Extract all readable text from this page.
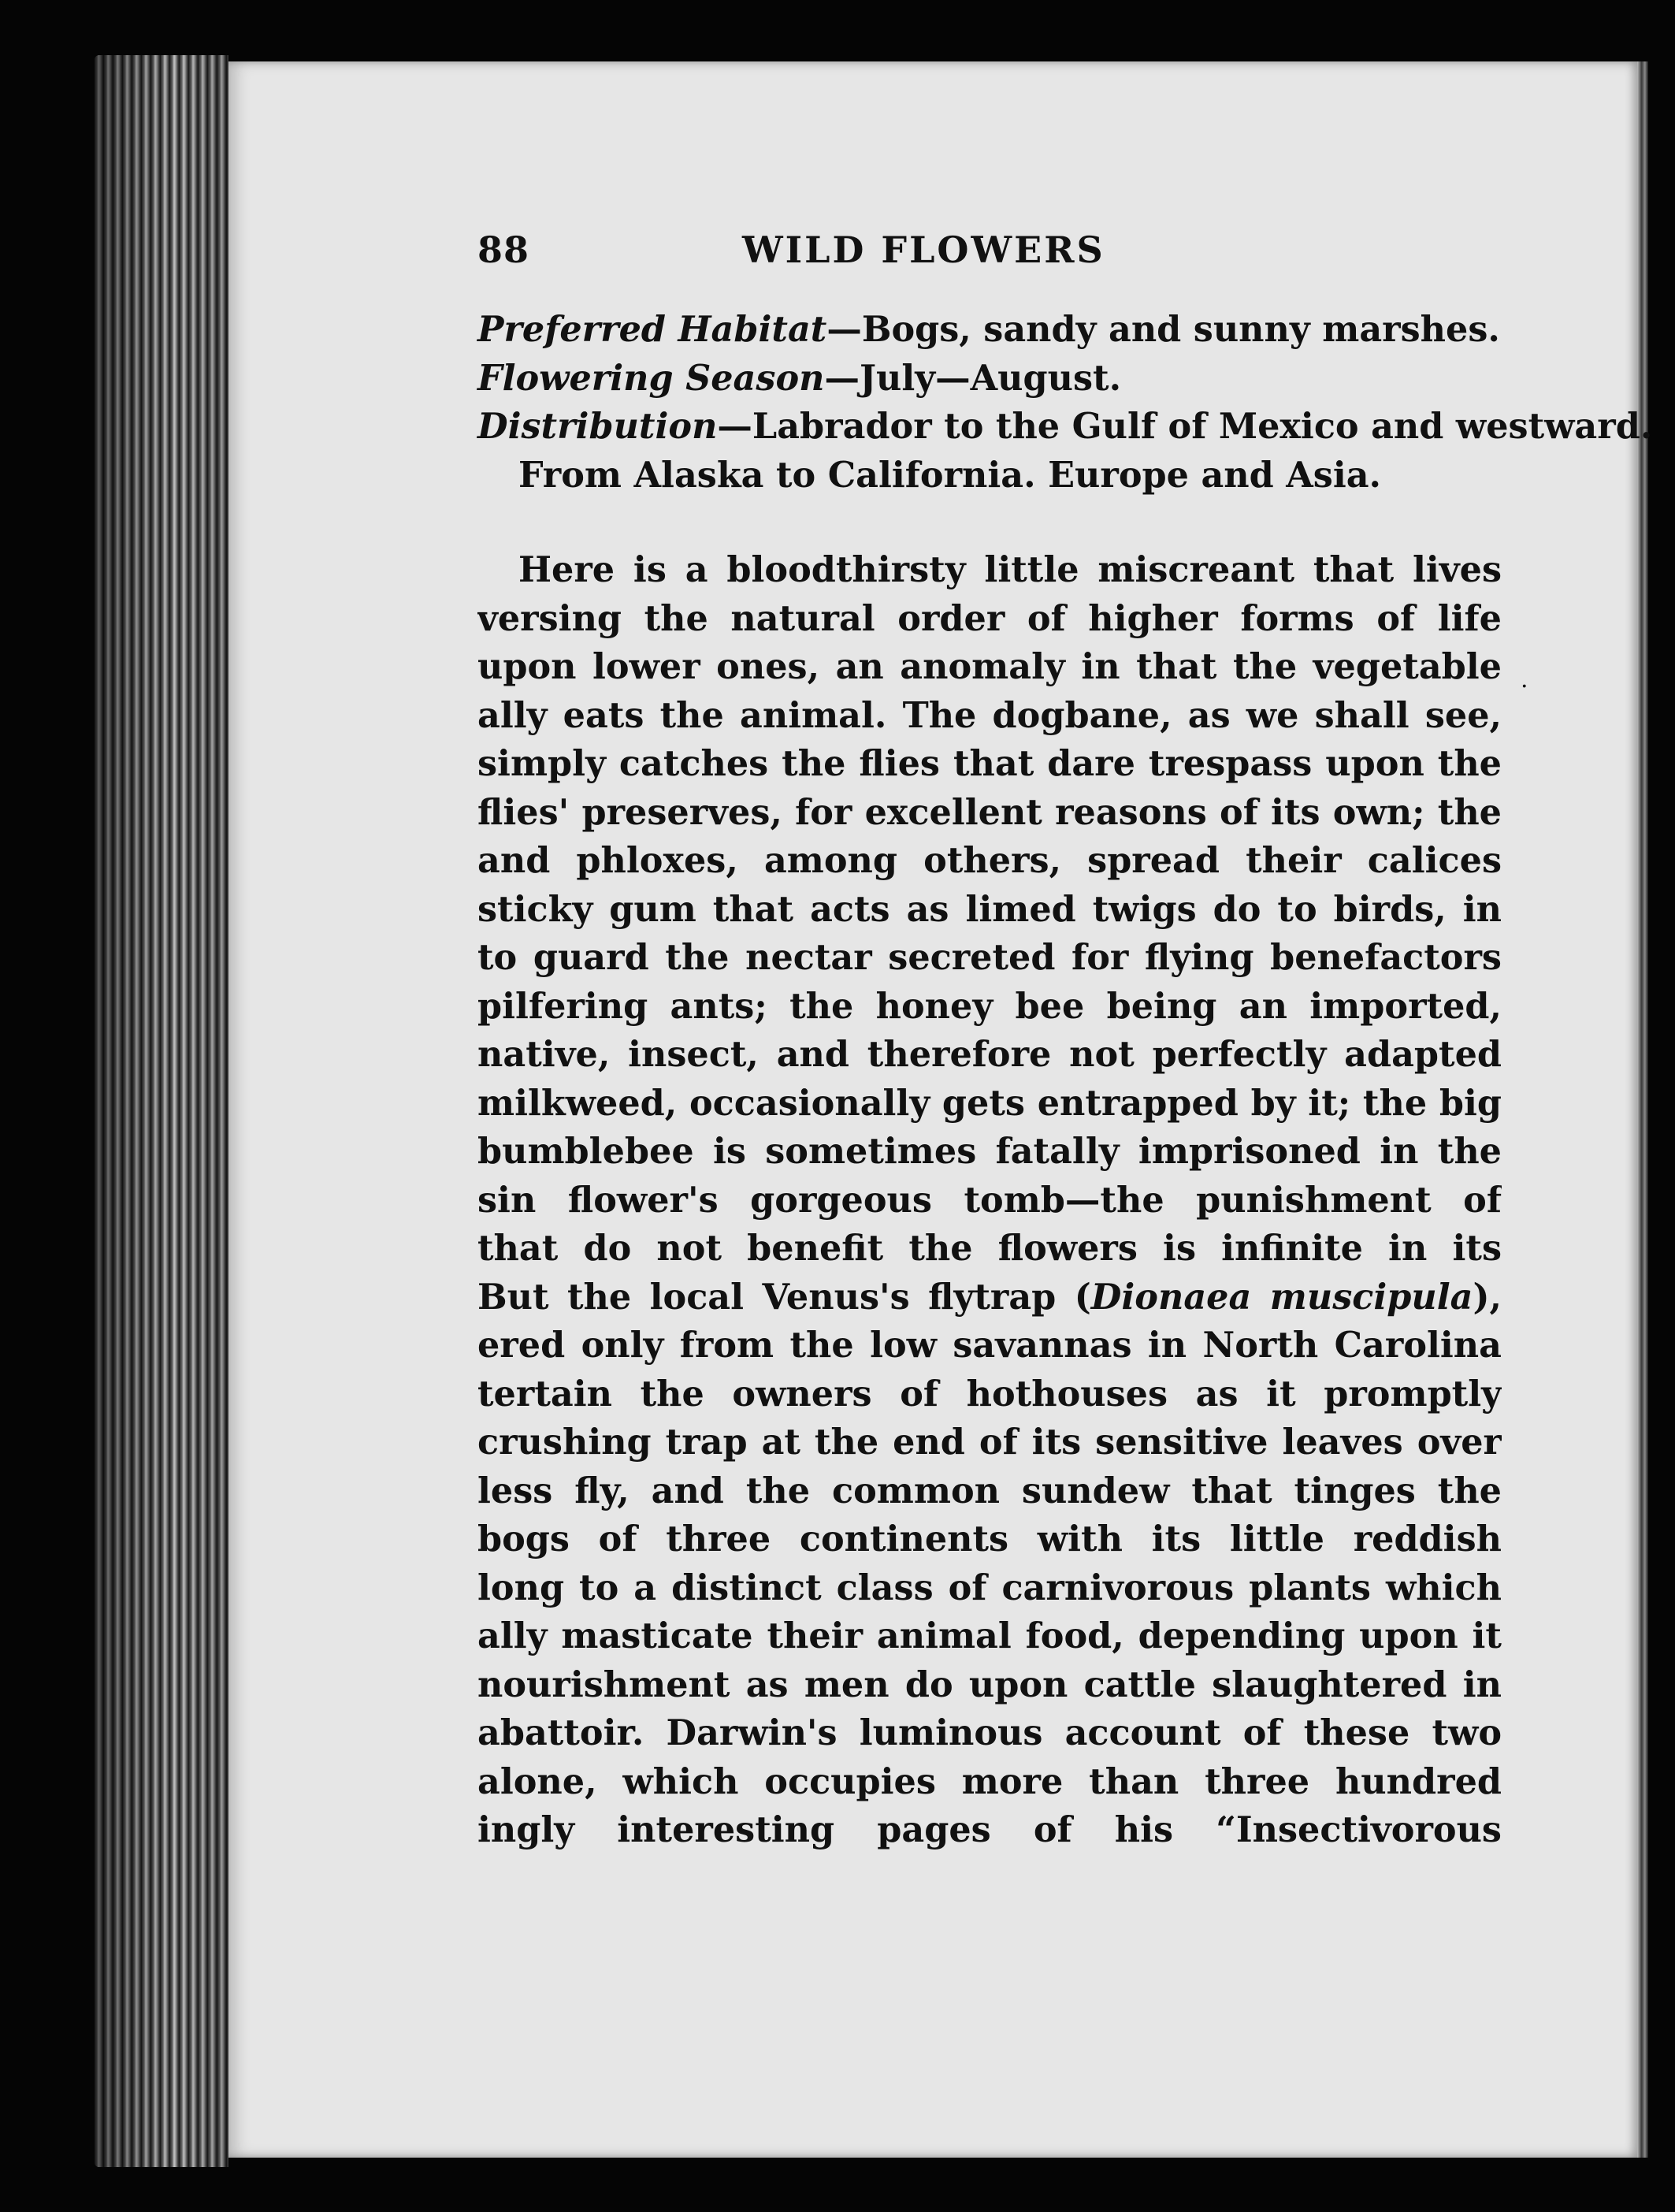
88	WILD FLOWERS
Preferred Habitat—Bogs, sandy and sunny marshes.
Flowering Season—July—August.
Distribution—Labrador to the Gulf of Mexico and westward.
From Alaska to California. Europe and Asia.
Here is a bloodthirsty little miscreant that lives
versing the natural order of higher forms of life
upon lower ones, an anomaly in that the vegetable
ally eats the animal. The dogbane, as we shall see,
simply catches the flies that dare trespass upon the
flies' preserves, for excellent reasons of its own; the
and phloxes, among others, spread their calices
sticky gum that acts as limed twigs do to birds, in
to guard the nectar secreted for flying benefactors
pilfering ants; the honey bee being an imported,
native, insect, and therefore not perfectly adapted
milkweed, occasionally gets entrapped by it; the big
bumblebee is sometimes fatally imprisoned in the
sin flower's gorgeous tomb—the punishment of
that do not benefit the flowers is infinite in its
But the local Venus's flytrap (Dionaea muscipula),
ered only from the low savannas in North Carolina
tertain the owners of hothouses as it promptly
crushing trap at the end of its sensitive leaves over
less fly, and the common sundew that tinges the
bogs of three continents with its little reddish
long to a distinct class of carnivorous plants which
ally masticate their animal food, depending upon it
nourishment as men do upon cattle slaughtered in
abattoir. Darwin's luminous account of these two
alone, which occupies more than three hundred
ingly interesting pages of his “Insectivorous
.
